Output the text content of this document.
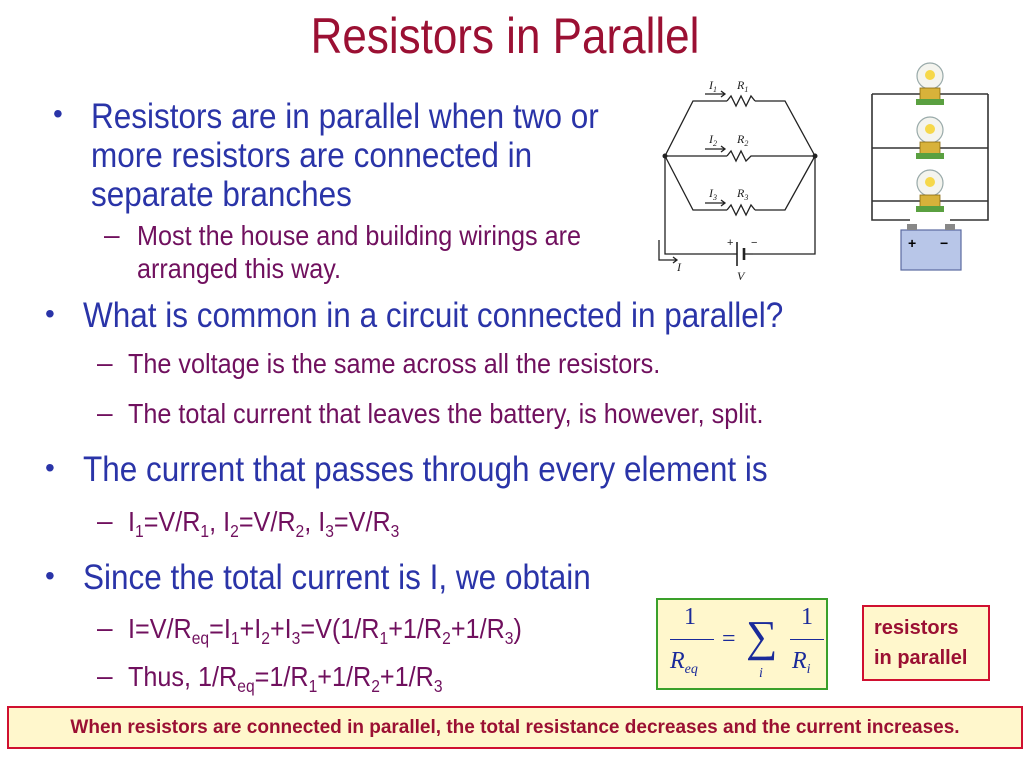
Resistors in Parallel
• Resistors are in parallel when two or
more resistors are connected in
separate branches
– Most the house and building wirings are
arranged this way.
• What is common in a circuit connected in parallel?
– The voltage is the same across all the resistors.
– The total current that leaves the battery, is however, split.
• The current that passes through every element is
– $I_1=V/R_1$, $I_2=V/R_2$, $I_3=V/R_3$
• Since the total current is I, we obtain
– $I=V/R_{eq}=I_1+I_2+I_3=V(1/R_1+1/R_2+1/R_3)$
– Thus, $1/R_{eq}=1/R_1+1/R_2+1/R_3$
$I_1$ $R_1$
$I_2$ $R_2$
$I_3$ $R_3$
I
V
+ −	+ −
1
$R_{eq}$
= ∑
i
1
$R_i$
resistors
in parallel
When resistors are connected in parallel, the total resistance decreases and the current increases.
